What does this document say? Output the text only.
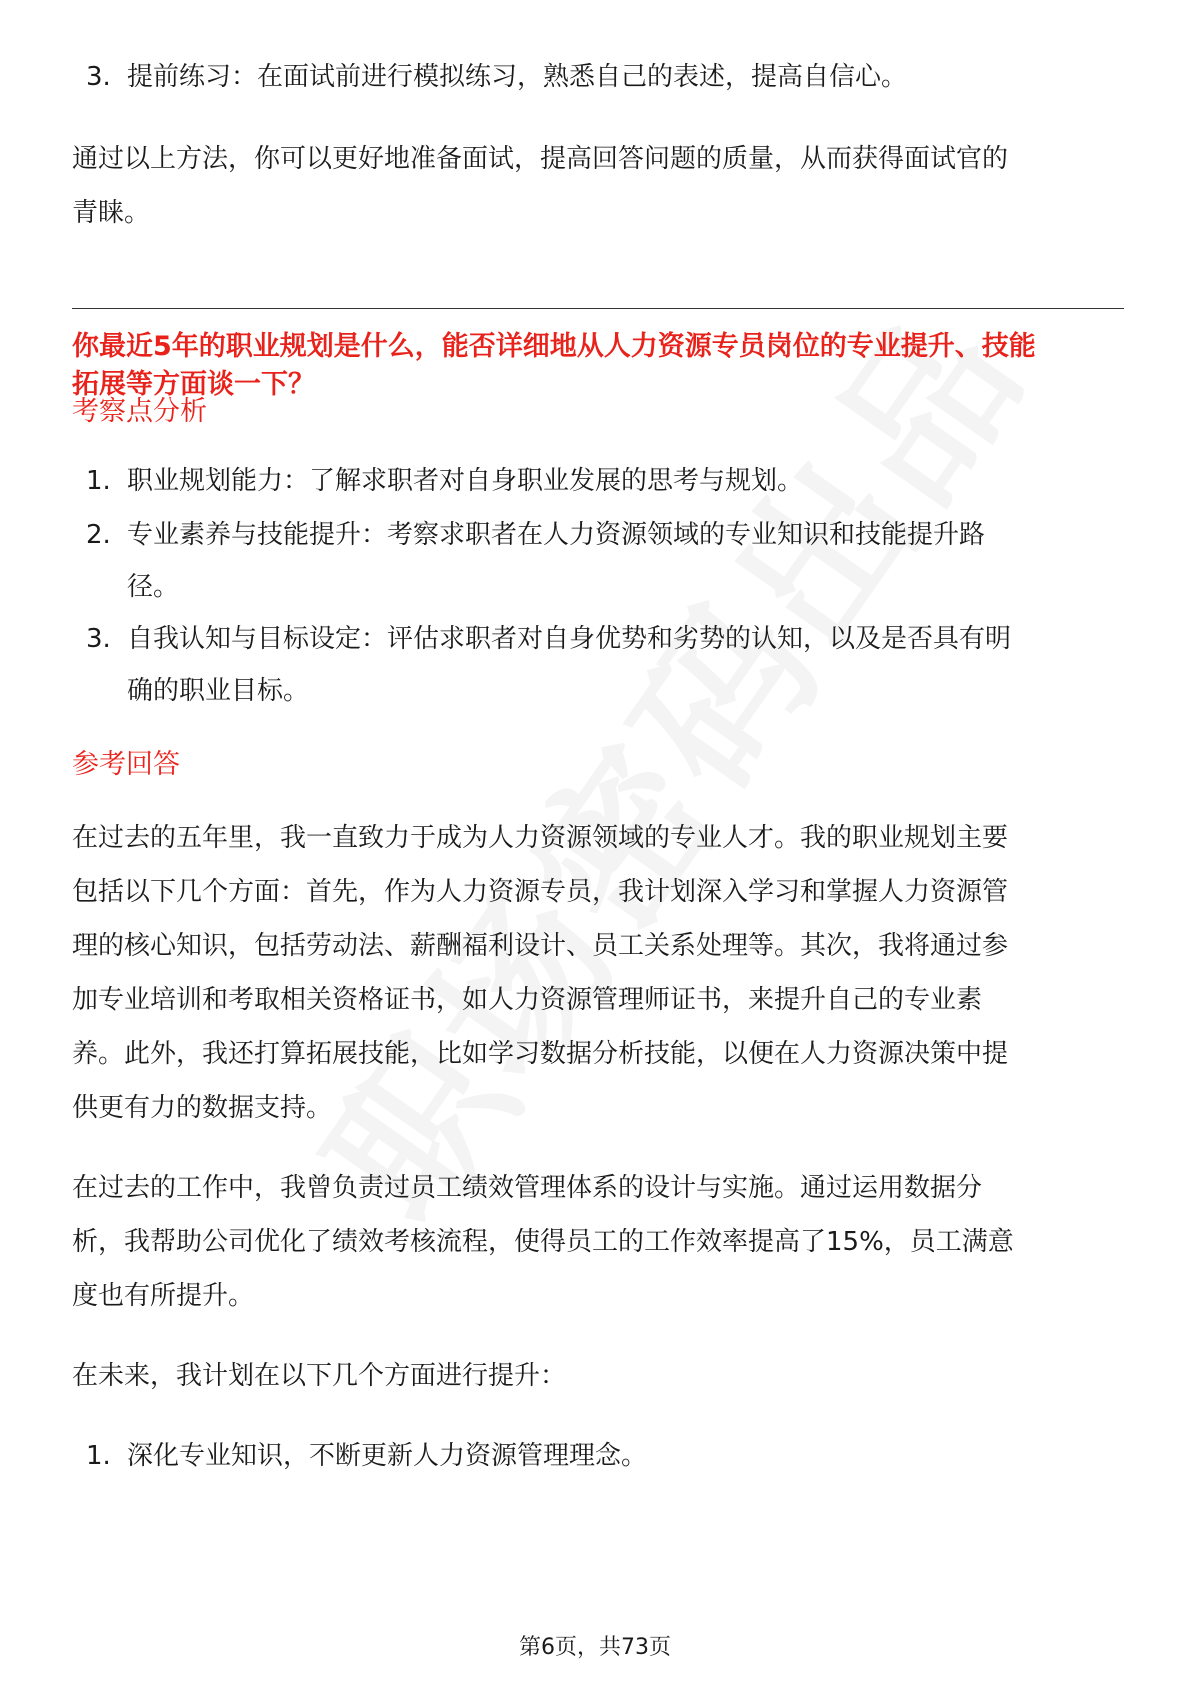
3. 提前练习：在面试前进行模拟练习，熟悉自己的表述，提高自信心。

通过以上方法，你可以更好地准备面试，提高回答问题的质量，从而获得面试官的

青睐。

你最近5年的职业规划是什么，能否详细地从人力资源专员岗位的专业提升、技能
拓展等方面谈一下？

考察点分析

1. 职业规划能力：了解求职者对自身职业发展的思考与规划。
2. 专业素养与技能提升：考察求职者在人力资源领域的专业知识和技能提升路
径。
3. 自我认知与目标设定：评估求职者对自身优势和劣势的认知，以及是否具有明
确的职业目标。

参考回答

在过去的五年里，我一直致力于成为人力资源领域的专业人才。我的职业规划主要

包括以下几个方面：首先，作为人力资源专员，我计划深入学习和掌握人力资源管

理的核心知识，包括劳动法、薪酬福利设计、员工关系处理等。其次，我将通过参

加专业培训和考取相关资格证书，如人力资源管理师证书，来提升自己的专业素

养。此外，我还打算拓展技能，比如学习数据分析技能，以便在人力资源决策中提

供更有力的数据支持。

在过去的工作中，我曾负责过员工绩效管理体系的设计与实施。通过运用数据分

析，我帮助公司优化了绩效考核流程，使得员工的工作效率提高了15%，员工满意

度也有所提升。

在未来，我计划在以下几个方面进行提升：

1. 深化专业知识，不断更新人力资源管理理念。
第6页，共73页
